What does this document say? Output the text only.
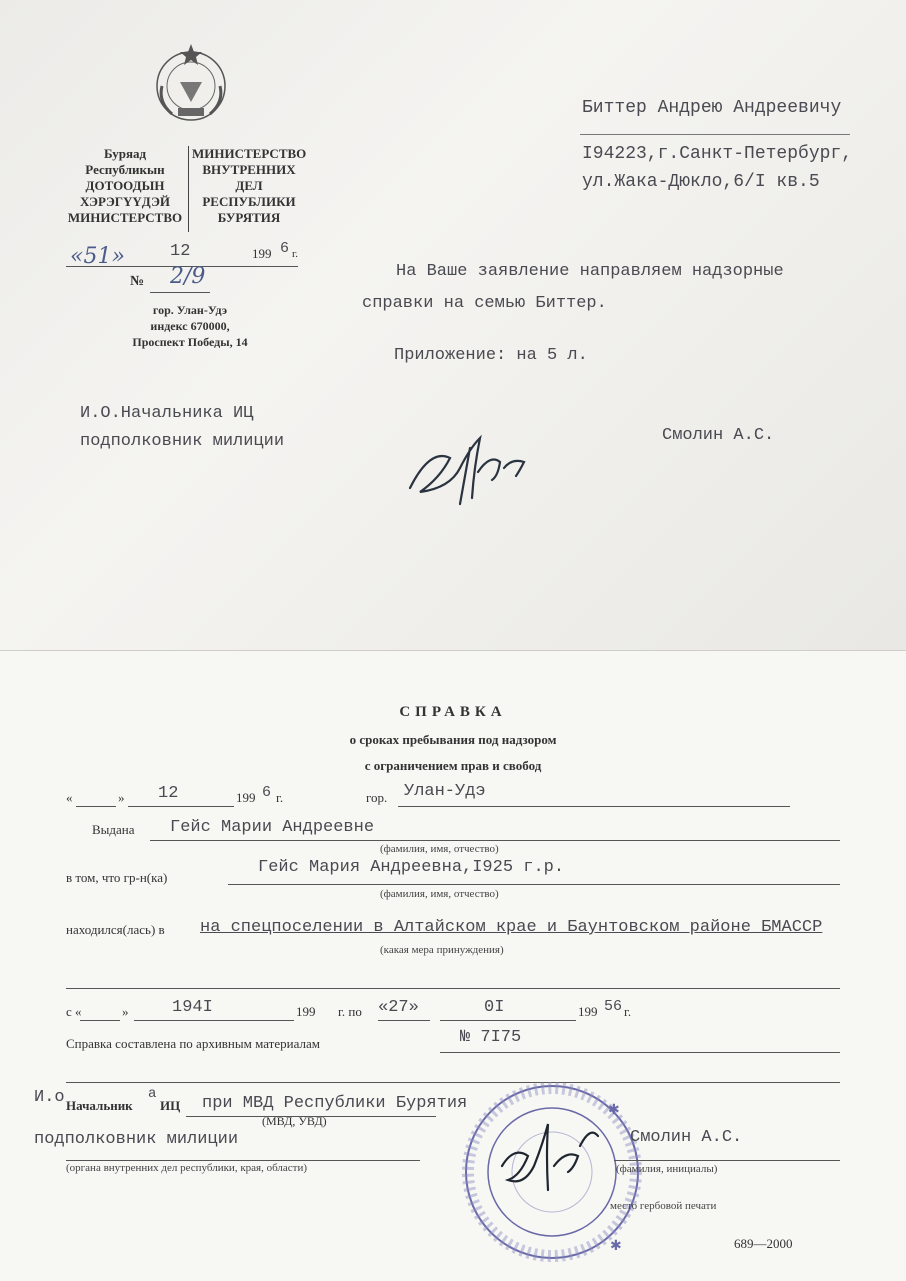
Буряад
Республикын
ДОТООДЫН
ХЭРЭГҮҮДЭЙ
МИНИСТЕРСТВО
МИНИСТЕРСТВО
ВНУТРЕННИХ
ДЕЛ
РЕСПУБЛИКИ
БУРЯТИЯ
«51»	12	199 6 г.
№ 2/9
гор. Улан-Удэ
индекс 670000,
Проспект Победы, 14
Биттер Андрею Андреевичу
I94223,г.Санкт-Петербург,
ул.Жака-Дюкло,6/I кв.5
На Ваше заявление направляем надзорные
справки на семью Биттер.
Приложение: на 5 л.
И.О.Начальника ИЦ
подполковник милиции	Смолин А.С.
СПРАВКА
о сроках пребывания под надзором
с ограничением прав и свобод
«	» 12	199 6 г.	гор. Улан-Удэ
Выдана Гейс Марии Андреевне
(фамилия, имя, отчество)
в том, что гр-н(ка)
Гейс Мария Андреевна,I925 г.р.
(фамилия, имя, отчество)
находился(лась) в на спецпоселении в Алтайском крае и Баунтовском районе БМАССР
(какая мера принуждения)
с «	»	194I	199 г. по «27»	0I	199 56 г.
Справка составлена по архивным материалам	№ 7I75
И.о Начальник
а
ИЦ при МВД Республики Бурятия
(МВД, УВД)
подполковник милиции
(органа внутренних дел республики, края, области)
✱
✱
Смолин А.С.
(фамилия, инициалы)
место гербовой печати
689—2000
